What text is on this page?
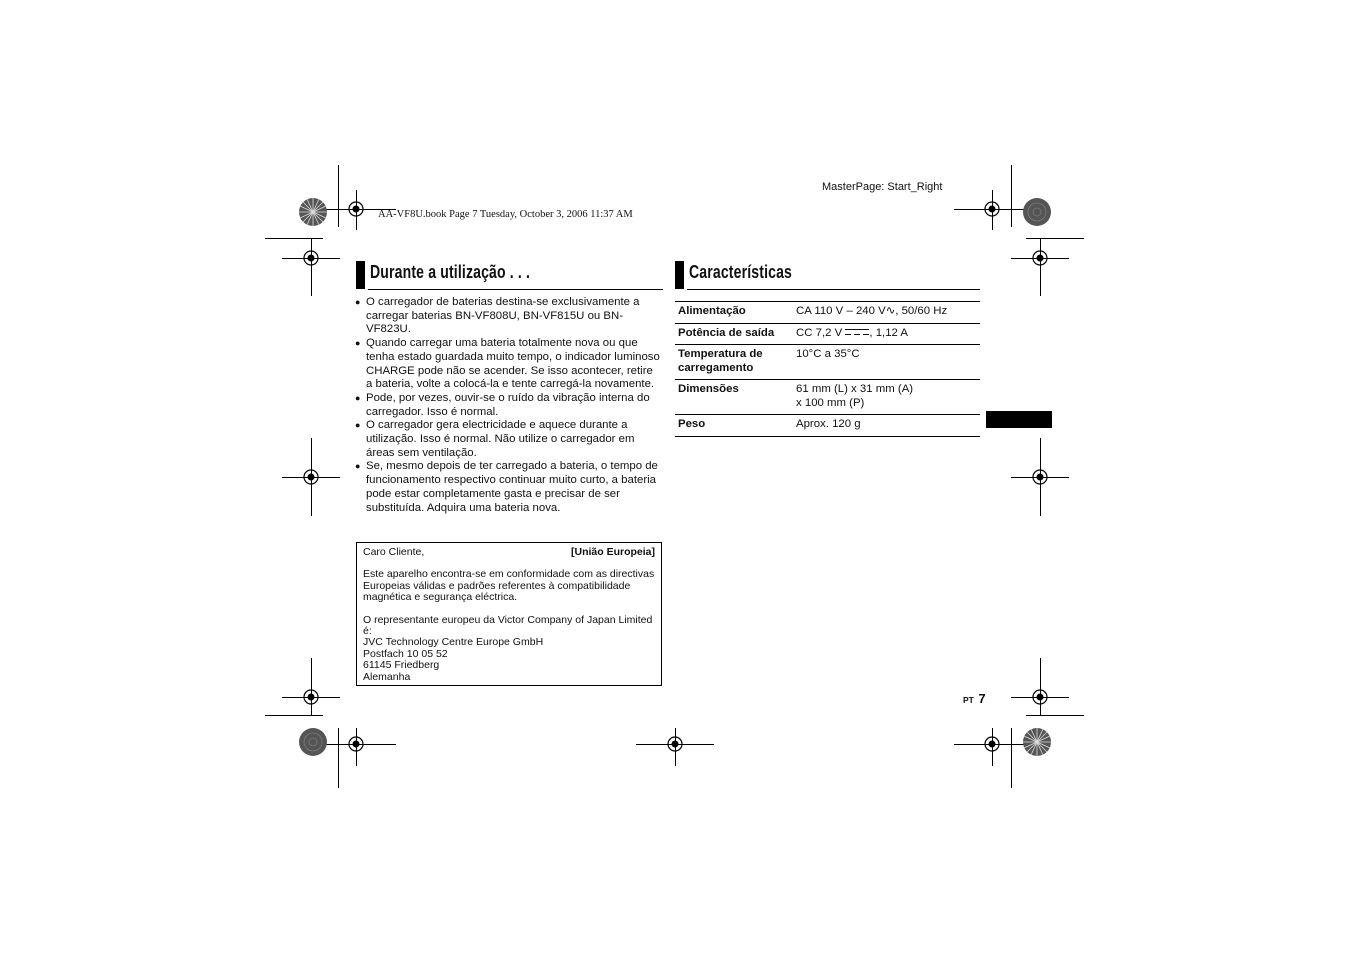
MasterPage: Start_Right
AA-VF8U.book Page 7 Tuesday, October 3, 2006 11:37 AM
Durante a utilização . . .
● O carregador de baterias destina-se exclusivamente a carregar baterias BN-VF808U, BN-VF815U ou BN-VF823U.
● Quando carregar uma bateria totalmente nova ou que tenha estado guardada muito tempo, o indicador luminoso CHARGE pode não se acender. Se isso acontecer, retire a bateria, volte a colocá-la e tente carregá-la novamente.
● Pode, por vezes, ouvir-se o ruído da vibração interna do carregador. Isso é normal.
● O carregador gera electricidade e aquece durante a utilização. Isso é normal. Não utilize o carregador em áreas sem ventilação.
● Se, mesmo depois de ter carregado a bateria, o tempo de funcionamento respectivo continuar muito curto, a bateria pode estar completamente gasta e precisar de ser substituída. Adquira uma bateria nova.
Caro Cliente,	[União Europeia]

Este aparelho encontra-se em conformidade com as directivas Europeias válidas e padrões referentes à compatibilidade magnética e segurança eléctrica.

O representante europeu da Victor Company of Japan Limited é:
JVC Technology Centre Europe GmbH
Postfach 10 05 52
61145 Friedberg
Alemanha
Características
Alimentação	CA 110 V – 240 V∿, 50/60 Hz
Potência de saída	CC 7,2 V , 1,12 A
Temperatura de carregamento	10°C a 35°C
Dimensões	61 mm (L) x 31 mm (A)
x 100 mm (P)

Peso	Aprox. 120 g
PT 7
